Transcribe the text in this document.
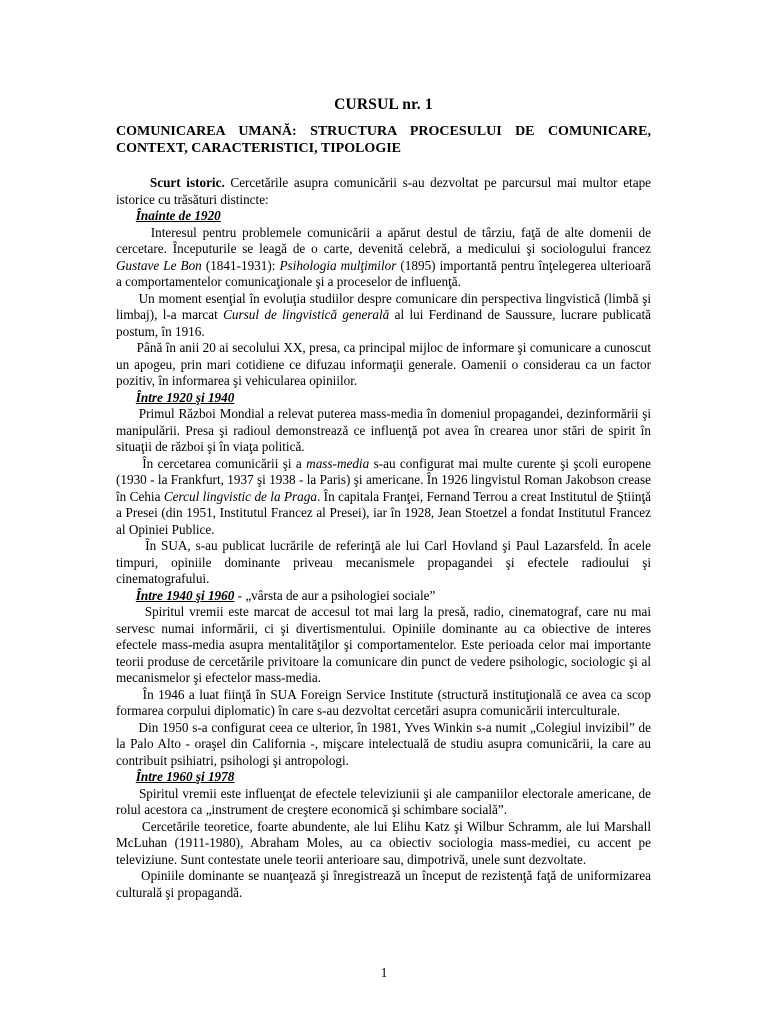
CURSUL nr. 1
COMUNICAREA UMANĂ: STRUCTURA PROCESULUI DE COMUNICARE, CONTEXT, CARACTERISTICI, TIPOLOGIE

Scurt istoric. Cercetările asupra comunicării s-au dezvoltat pe parcursul mai multor etape istorice cu trăsături distincte:

Înainte de 1920

Interesul pentru problemele comunicării a apărut destul de târziu, faţă de alte domenii de cercetare. Începuturile se leagă de o carte, devenită celebră, a medicului şi sociologului francez Gustave Le Bon (1841-1931): Psihologia mulţimilor (1895) importantă pentru înţelegerea ulterioară a comportamentelor comunicaţionale şi a proceselor de influenţă.

Un moment esenţial în evoluţia studiilor despre comunicare din perspectiva lingvistică (limbă şi limbaj), l-a marcat Cursul de lingvistică generală al lui Ferdinand de Saussure, lucrare publicată postum, în 1916.

Până în anii 20 ai secolului XX, presa, ca principal mijloc de informare şi comunicare a cunoscut un apogeu, prin mari cotidiene ce difuzau informaţii generale. Oamenii o considerau ca un factor pozitiv, în informarea şi vehicularea opiniilor.

Între 1920 şi 1940

Primul Război Mondial a relevat puterea mass-media în domeniul propagandei, dezinformării şi manipulării. Presa şi radioul demonstrează ce influenţă pot avea în crearea unor stări de spirit în situaţii de război şi în viaţa politică.

În cercetarea comunicării şi a mass-media s-au configurat mai multe curente şi şcoli europene (1930 - la Frankfurt, 1937 şi 1938 - la Paris) şi americane. În 1926 lingvistul Roman Jakobson crease în Cehia Cercul lingvistic de la Praga. În capitala Franţei, Fernand Terrou a creat Institutul de Ştiinţă a Presei (din 1951, Institutul Francez al Presei), iar în 1928, Jean Stoetzel a fondat Institutul Francez al Opiniei Publice.

În SUA, s-au publicat lucrările de referinţă ale lui Carl Hovland şi Paul Lazarsfeld. În acele timpuri, opiniile dominante priveau mecanismele propagandei şi efectele radioului şi cinematografului.

Între 1940 şi 1960 - „vârsta de aur a psihologiei sociale”

Spiritul vremii este marcat de accesul tot mai larg la presă, radio, cinematograf, care nu mai servesc numai informării, ci şi divertismentului. Opiniile dominante au ca obiective de interes efectele mass-media asupra mentalităţilor şi comportamentelor. Este perioada celor mai importante teorii produse de cercetările privitoare la comunicare din punct de vedere psihologic, sociologic şi al mecanismelor şi efectelor mass-media.

În 1946 a luat fiinţă în SUA Foreign Service Institute (structură instituţională ce avea ca scop formarea corpului diplomatic) în care s-au dezvoltat cercetări asupra comunicării interculturale.

Din 1950 s-a configurat ceea ce ulterior, în 1981, Yves Winkin s-a numit „Colegiul invizibil” de la Palo Alto - oraşel din California -, mişcare intelectuală de studiu asupra comunicării, la care au contribuit psihiatri, psihologi şi antropologi.

Între 1960 şi 1978

Spiritul vremii este influenţat de efectele televiziunii şi ale campaniilor electorale americane, de rolul acestora ca „instrument de creştere economică şi schimbare socială”.

Cercetările teoretice, foarte abundente, ale lui Elihu Katz şi Wilbur Schramm, ale lui Marshall McLuhan (1911-1980), Abraham Moles, au ca obiectiv sociologia mass-mediei, cu accent pe televiziune. Sunt contestate unele teorii anterioare sau, dimpotrivă, unele sunt dezvoltate.

Opiniile dominante se nuanţează şi înregistrează un început de rezistenţă faţă de uniformizarea culturală şi propagandă.

1
